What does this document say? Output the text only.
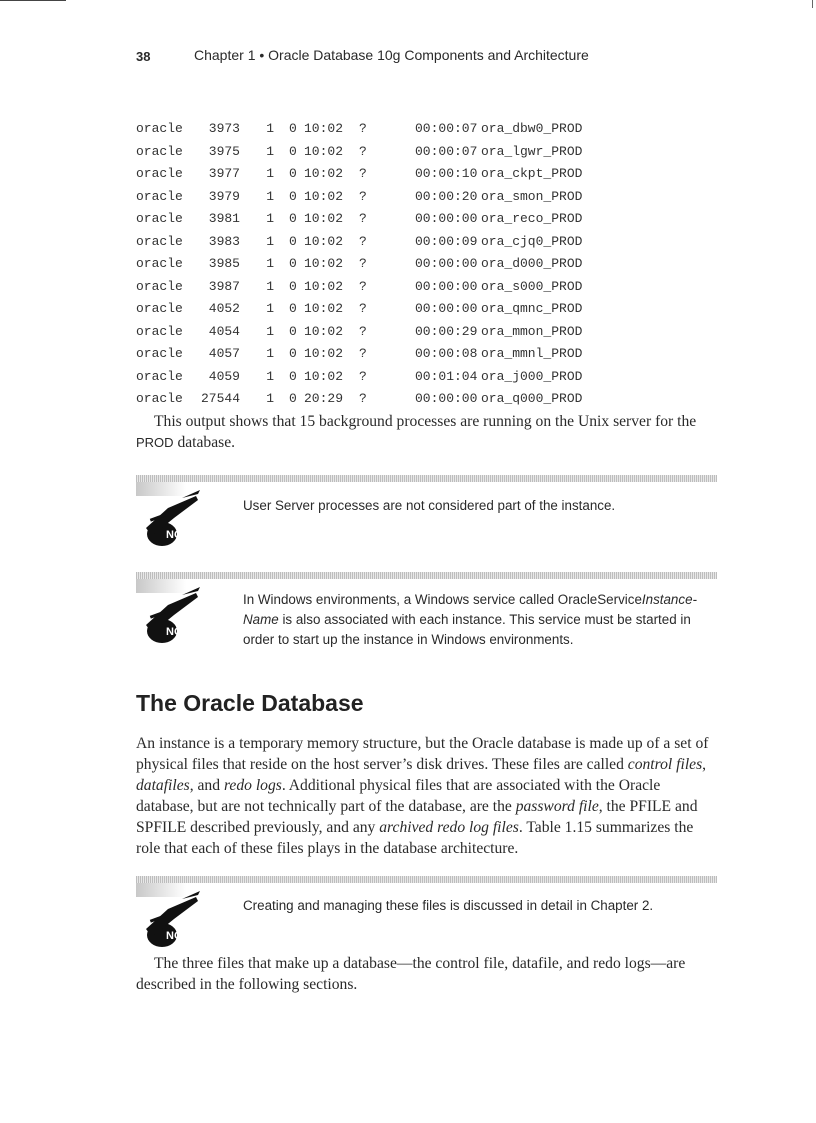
38	Chapter 1 • Oracle Database 10g Components and Architecture
oracle	3973	1 0 10:02 ?	00:00:07 ora_dbw0_PROD
oracle	3975	1 0 10:02 ?	00:00:07 ora_lgwr_PROD
oracle	3977	1 0 10:02 ?	00:00:10 ora_ckpt_PROD
oracle	3979	1 0 10:02 ?	00:00:20 ora_smon_PROD
oracle	3981	1 0 10:02 ?	00:00:00 ora_reco_PROD
oracle	3983	1 0 10:02 ?	00:00:09 ora_cjq0_PROD
oracle	3985	1 0 10:02 ?	00:00:00 ora_d000_PROD
oracle	3987	1 0 10:02 ?	00:00:00 ora_s000_PROD
oracle	4052	1 0 10:02 ?	00:00:00 ora_qmnc_PROD
oracle	4054	1 0 10:02 ?	00:00:29 ora_mmon_PROD
oracle	4057	1 0 10:02 ?	00:00:08 ora_mmnl_PROD
oracle	4059	1 0 10:02 ?	00:01:04 ora_j000_PROD
oracle	27544	1 0 20:29 ?	00:00:00 ora_q000_PROD

This output shows that 15 background processes are running on the Unix server for the PROD database.

NOTE
User Server processes are not considered part of the instance.
NOTE
In Windows environments, a Windows service called OracleServiceInstance-Name is also associated with each instance. This service must be started in order to start up the instance in Windows environments.
The Oracle Database

An instance is a temporary memory structure, but the Oracle database is made up of a set of physical files that reside on the host server’s disk drives. These files are called control files, datafiles, and redo logs. Additional physical files that are associated with the Oracle database, but are not technically part of the database, are the password file, the PFILE and SPFILE described previously, and any archived redo log files. Table 1.15 summarizes the role that each of these files plays in the database architecture.

NOTE
Creating and managing these files is discussed in detail in Chapter 2.

The three files that make up a database—the control file, datafile, and redo logs—are described in the following sections.
